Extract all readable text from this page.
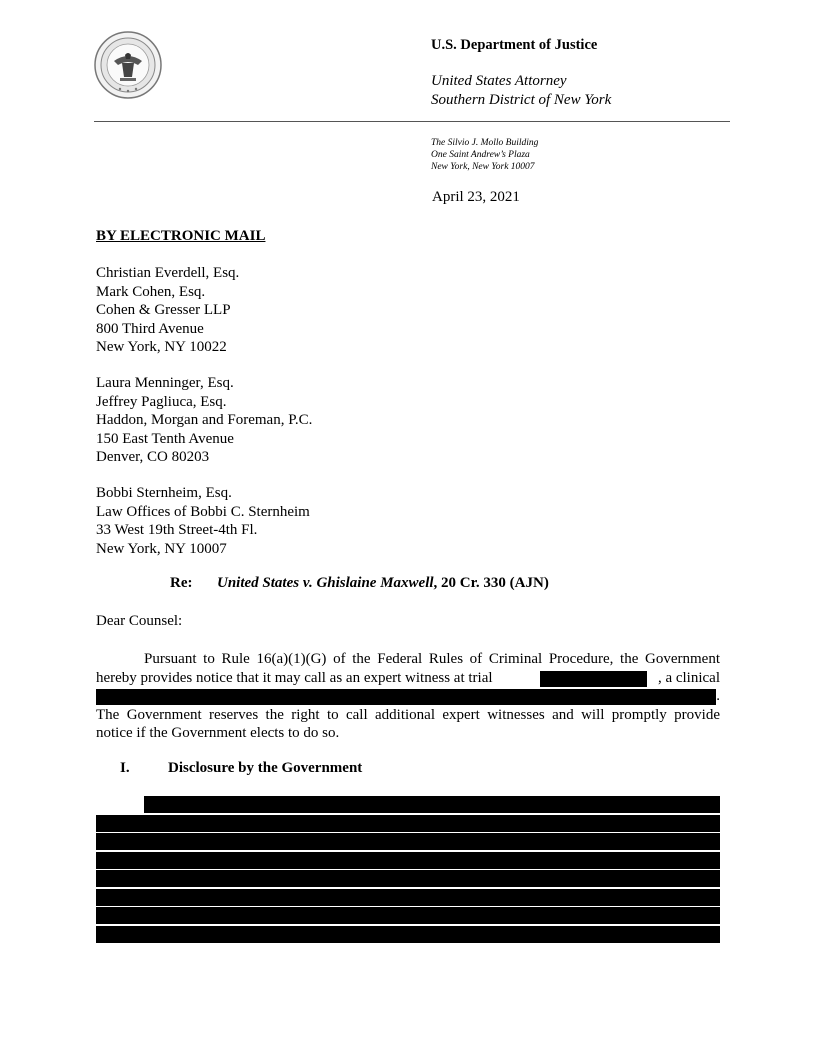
U.S. Department of Justice
United States Attorney
Southern District of New York
The Silvio J. Mollo Building
One Saint Andrew’s Plaza
New York, New York 10007
April 23, 2021
BY ELECTRONIC MAIL
Christian Everdell, Esq.
Mark Cohen, Esq.
Cohen & Gresser LLP
800 Third Avenue
New York, NY 10022
Laura Menninger, Esq.
Jeffrey Pagliuca, Esq.
Haddon, Morgan and Foreman, P.C.
150 East Tenth Avenue
Denver, CO 80203
Bobbi Sternheim, Esq.
Law Offices of Bobbi C. Sternheim
33 West 19th Street-4th Fl.
New York, NY 10007
Re: United States v. Ghislaine Maxwell, 20 Cr. 330 (AJN)
Dear Counsel:
Pursuant to Rule 16(a)(1)(G) of the Federal Rules of Criminal Procedure, the Government
hereby provides notice that it may call as an expert witness at trial	, a clinical
.
The Government reserves the right to call additional expert witnesses and will promptly provide
notice if the Government elects to do so.
I.	Disclosure by the Government
